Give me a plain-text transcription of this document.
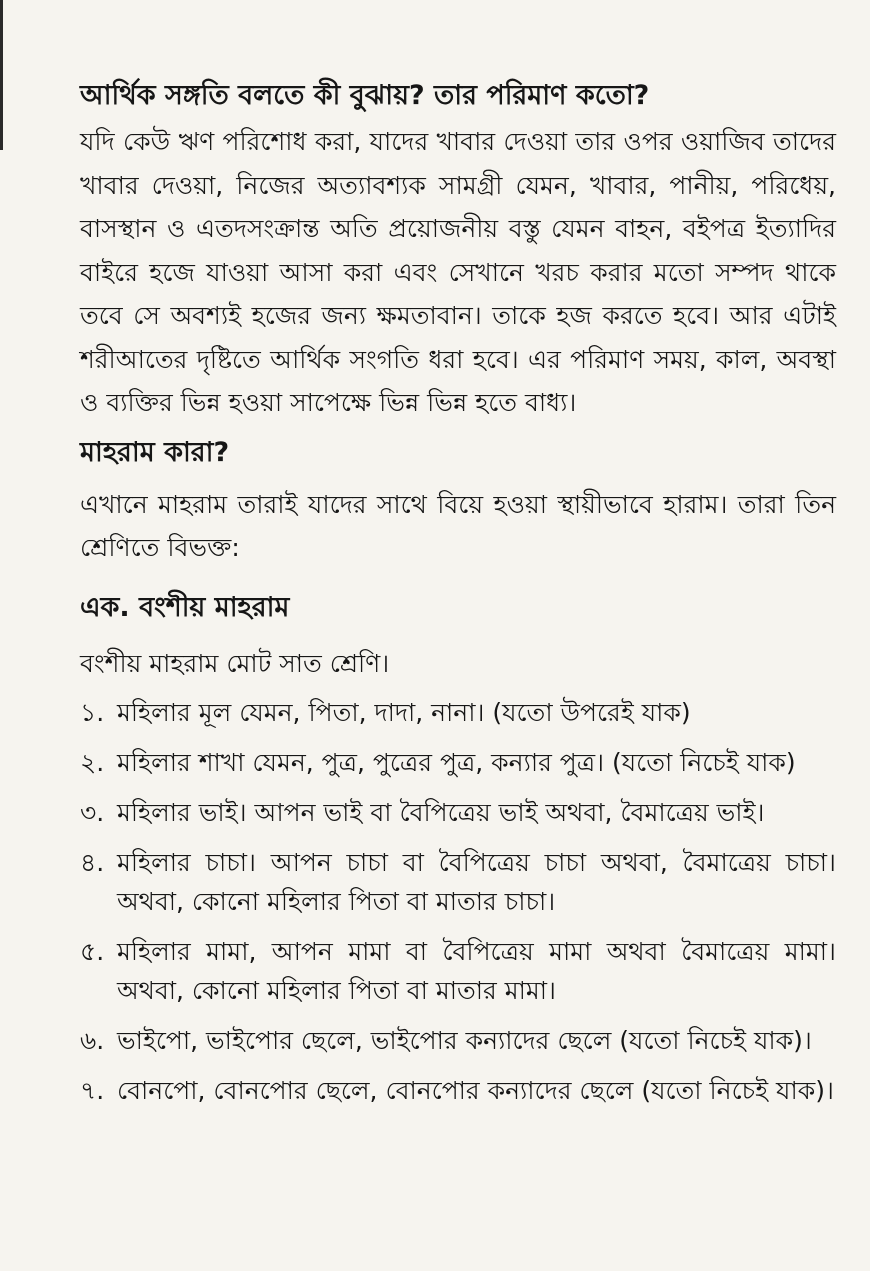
আর্থিক সঙ্গতি বলতে কী বুঝায়? তার পরিমাণ কতো?

যদি কেউ ঋণ পরিশোধ করা, যাদের খাবার দেওয়া তার ওপর ওয়াজিব তাদের খাবার দেওয়া, নিজের অত্যাবশ্যক সামগ্রী যেমন, খাবার, পানীয়, পরিধেয়, বাসস্থান ও এতদসংক্রান্ত অতি প্রয়োজনীয় বস্তু যেমন বাহন, বইপত্র ইত্যাদির বাইরে হজে যাওয়া আসা করা এবং সেখানে খরচ করার মতো সম্পদ থাকে তবে সে অবশ্যই হজের জন্য ক্ষমতাবান। তাকে হজ করতে হবে। আর এটাই শরীআতের দৃষ্টিতে আর্থিক সংগতি ধরা হবে। এর পরিমাণ সময়, কাল, অবস্থা ও ব্যক্তির ভিন্ন হওয়া সাপেক্ষে ভিন্ন ভিন্ন হতে বাধ্য।

মাহরাম কারা?

এখানে মাহরাম তারাই যাদের সাথে বিয়ে হওয়া স্থায়ীভাবে হারাম। তারা তিন শ্রেণিতে বিভক্ত:

এক. বংশীয় মাহরাম

বংশীয় মাহরাম মোট সাত শ্রেণি।

১. মহিলার মূল যেমন, পিতা, দাদা, নানা। (যতো উপরেই যাক)
২. মহিলার শাখা যেমন, পুত্র, পুত্রের পুত্র, কন্যার পুত্র। (যতো নিচেই যাক)
৩. মহিলার ভাই। আপন ভাই বা বৈপিত্রেয় ভাই অথবা, বৈমাত্রেয় ভাই।
৪. মহিলার চাচা। আপন চাচা বা বৈপিত্রেয় চাচা অথবা, বৈমাত্রেয় চাচা। অথবা, কোনো মহিলার পিতা বা মাতার চাচা।
৫. মহিলার মামা, আপন মামা বা বৈপিত্রেয় মামা অথবা বৈমাত্রেয় মামা। অথবা, কোনো মহিলার পিতা বা মাতার মামা।
৬. ভাইপো, ভাইপোর ছেলে, ভাইপোর কন্যাদের ছেলে (যতো নিচেই যাক)।
৭. বোনপো, বোনপোর ছেলে, বোনপোর কন্যাদের ছেলে (যতো নিচেই যাক)।
